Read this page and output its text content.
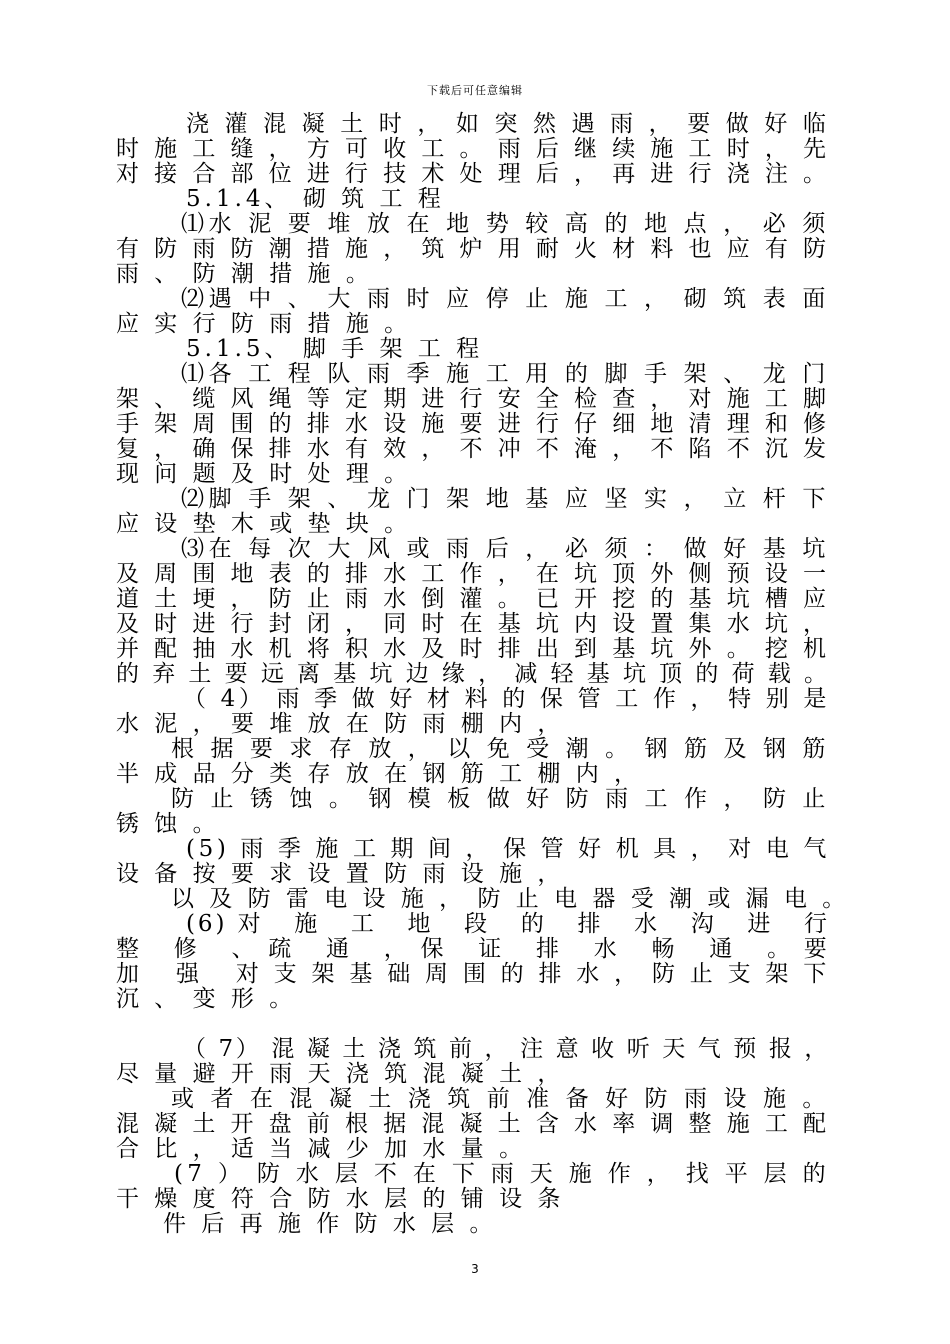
下载后可任意编辑
浇 灌 混 凝 土 时 ， 如 突 然 遇 雨 ， 要 做 好 临
时 施 工 缝 ， 方 可 收 工 。 雨 后 继 续 施 工 时 ， 先
对 接 合 部 位 进 行 技 术 处 理 后 ， 再 进 行 浇 注 。
5.1.4、 砌 筑 工 程
⑴水 泥 要 堆 放 在 地 势 较 高 的 地 点 ， 必 须
有 防 雨 防 潮 措 施 ， 筑 炉 用 耐 火 材 料 也 应 有 防
雨 、 防 潮 措 施 。
⑵遇 中 、 大 雨 时 应 停 止 施 工 ， 砌 筑 表 面
应 实 行 防 雨 措 施 。
5.1.5、 脚 手 架 工 程
⑴各 工 程 队 雨 季 施 工 用 的 脚 手 架 、 龙 门
架 、 缆 风 绳 等 定 期 进 行 安 全 检 查 ， 对 施 工 脚
手 架 周 围 的 排 水 设 施 要 进 行 仔 细 地 清 理 和 修
复 ， 确 保 排 水 有 效 ， 不 冲 不 淹 ， 不 陷 不 沉 发
现 问 题 及 时 处 理 。
⑵脚 手 架 、 龙 门 架 地 基 应 坚 实 ， 立 杆 下
应 设 垫 木 或 垫 块 。
⑶在 每 次 大 风 或 雨 后 ， 必 须 ： 做 好 基 坑
及 周 围 地 表 的 排 水 工 作 ， 在 坑 顶 外 侧 预 设 一
道 土 埂 ， 防 止 雨 水 倒 灌 。 已 开 挖 的 基 坑 槽 应
及 时 进 行 封 闭 ， 同 时 在 基 坑 内 设 置 集 水 坑 ，
并 配 抽 水 机 将 积 水 及 时 排 出 到 基 坑 外 。 挖 机
的 弃 土 要 远 离 基 坑 边 缘 ， 减 轻 基 坑 顶 的 荷 载 。
（ 4） 雨 季 做 好 材 料 的 保 管 工 作 ， 特 别 是
水 泥 ， 要 堆 放 在 防 雨 棚 内 ，
根 据 要 求 存 放 ， 以 免 受 潮 。 钢 筋 及 钢 筋
半 成 品 分 类 存 放 在 钢 筋 工 棚 内 ，
防 止 锈 蚀 。 钢 模 板 做 好 防 雨 工 作 ， 防 止
锈 蚀 。
(5) 雨 季 施 工 期 间 ， 保 管 好 机 具 ， 对 电 气
设 备 按 要 求 设 置 防 雨 设 施 ，
以 及 防 雷 电 设 施 ， 防 止 电 器 受 潮 或 漏 电 。
(6) 对   施   工   地   段   的   排   水   沟   进   行
整   修   、 疏   通   ， 保   证   排   水   畅   通   。 要
加   强   对 支 架 基 础 周 围 的 排 水 ， 防 止 支 架 下
沉 、 变 形 。
（ 7） 混 凝 土 浇 筑 前 ， 注 意 收 听 天 气 预 报 ，
尽 量 避 开 雨 天 浇 筑 混 凝 土 ，
或 者 在 混 凝 土 浇 筑 前 准 备 好 防 雨 设 施 。
混 凝 土 开 盘 前 根 据 混 凝 土 含 水 率 调 整 施 工 配
合 比 ， 适 当 减 少 加 水 量 。
(7 ） 防 水 层 不 在 下 雨 天 施 作 ， 找 平 层 的
干 燥 度 符 合 防 水 层 的 铺 设 条
件 后 再 施 作 防 水 层 。
3
